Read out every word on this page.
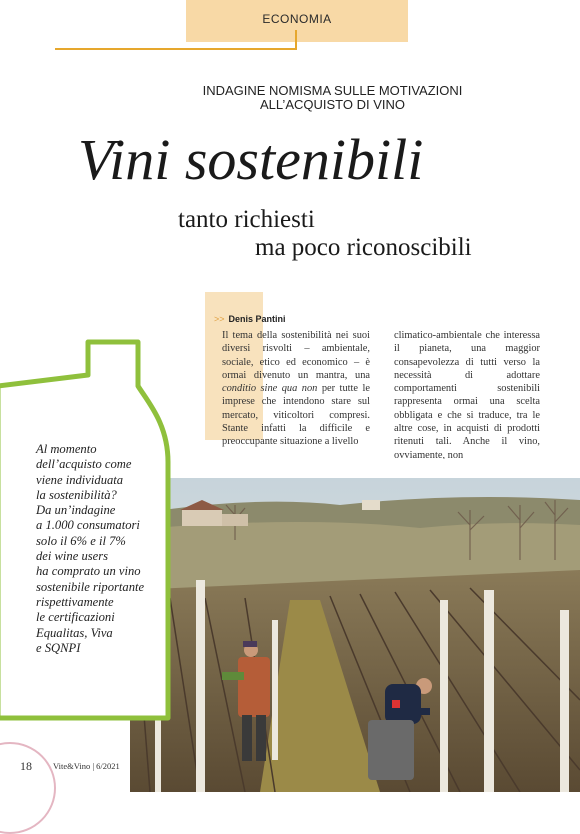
ECONOMIA
INDAGINE NOMISMA SULLE MOTIVAZIONI
ALL’ACQUISTO DI VINO
Vini sostenibili
tanto richiesti
ma poco riconoscibili
>> Denis Pantini
Il tema della sostenibilità nei suoi diversi risvolti – ambientale, sociale, etico ed economico – è ormai divenuto un mantra, una conditio sine qua non per tutte le imprese che intendono stare sul mercato, viticoltori compresi. Stante infatti la difficile e preoccupante situazione a livello
climatico-ambientale che interessa il pianeta, una maggior consapevolezza di tutti verso la necessità di adottare comportamenti sostenibili rappresenta ormai una scelta obbligata e che si traduce, tra le altre cose, in acquisti di prodotti ritenuti tali. Anche il vino, ovviamente, non
Al momento
dell’acquisto come
viene individuata
la sostenibilità?
Da un’indagine
a 1.000 consumatori
solo il 6% e il 7%
dei wine users
ha comprato un vino
sostenibile riportante
rispettivamente
le certificazioni
Equalitas, Viva
e SQNPI
18 Vite&Vino | 6/2021
